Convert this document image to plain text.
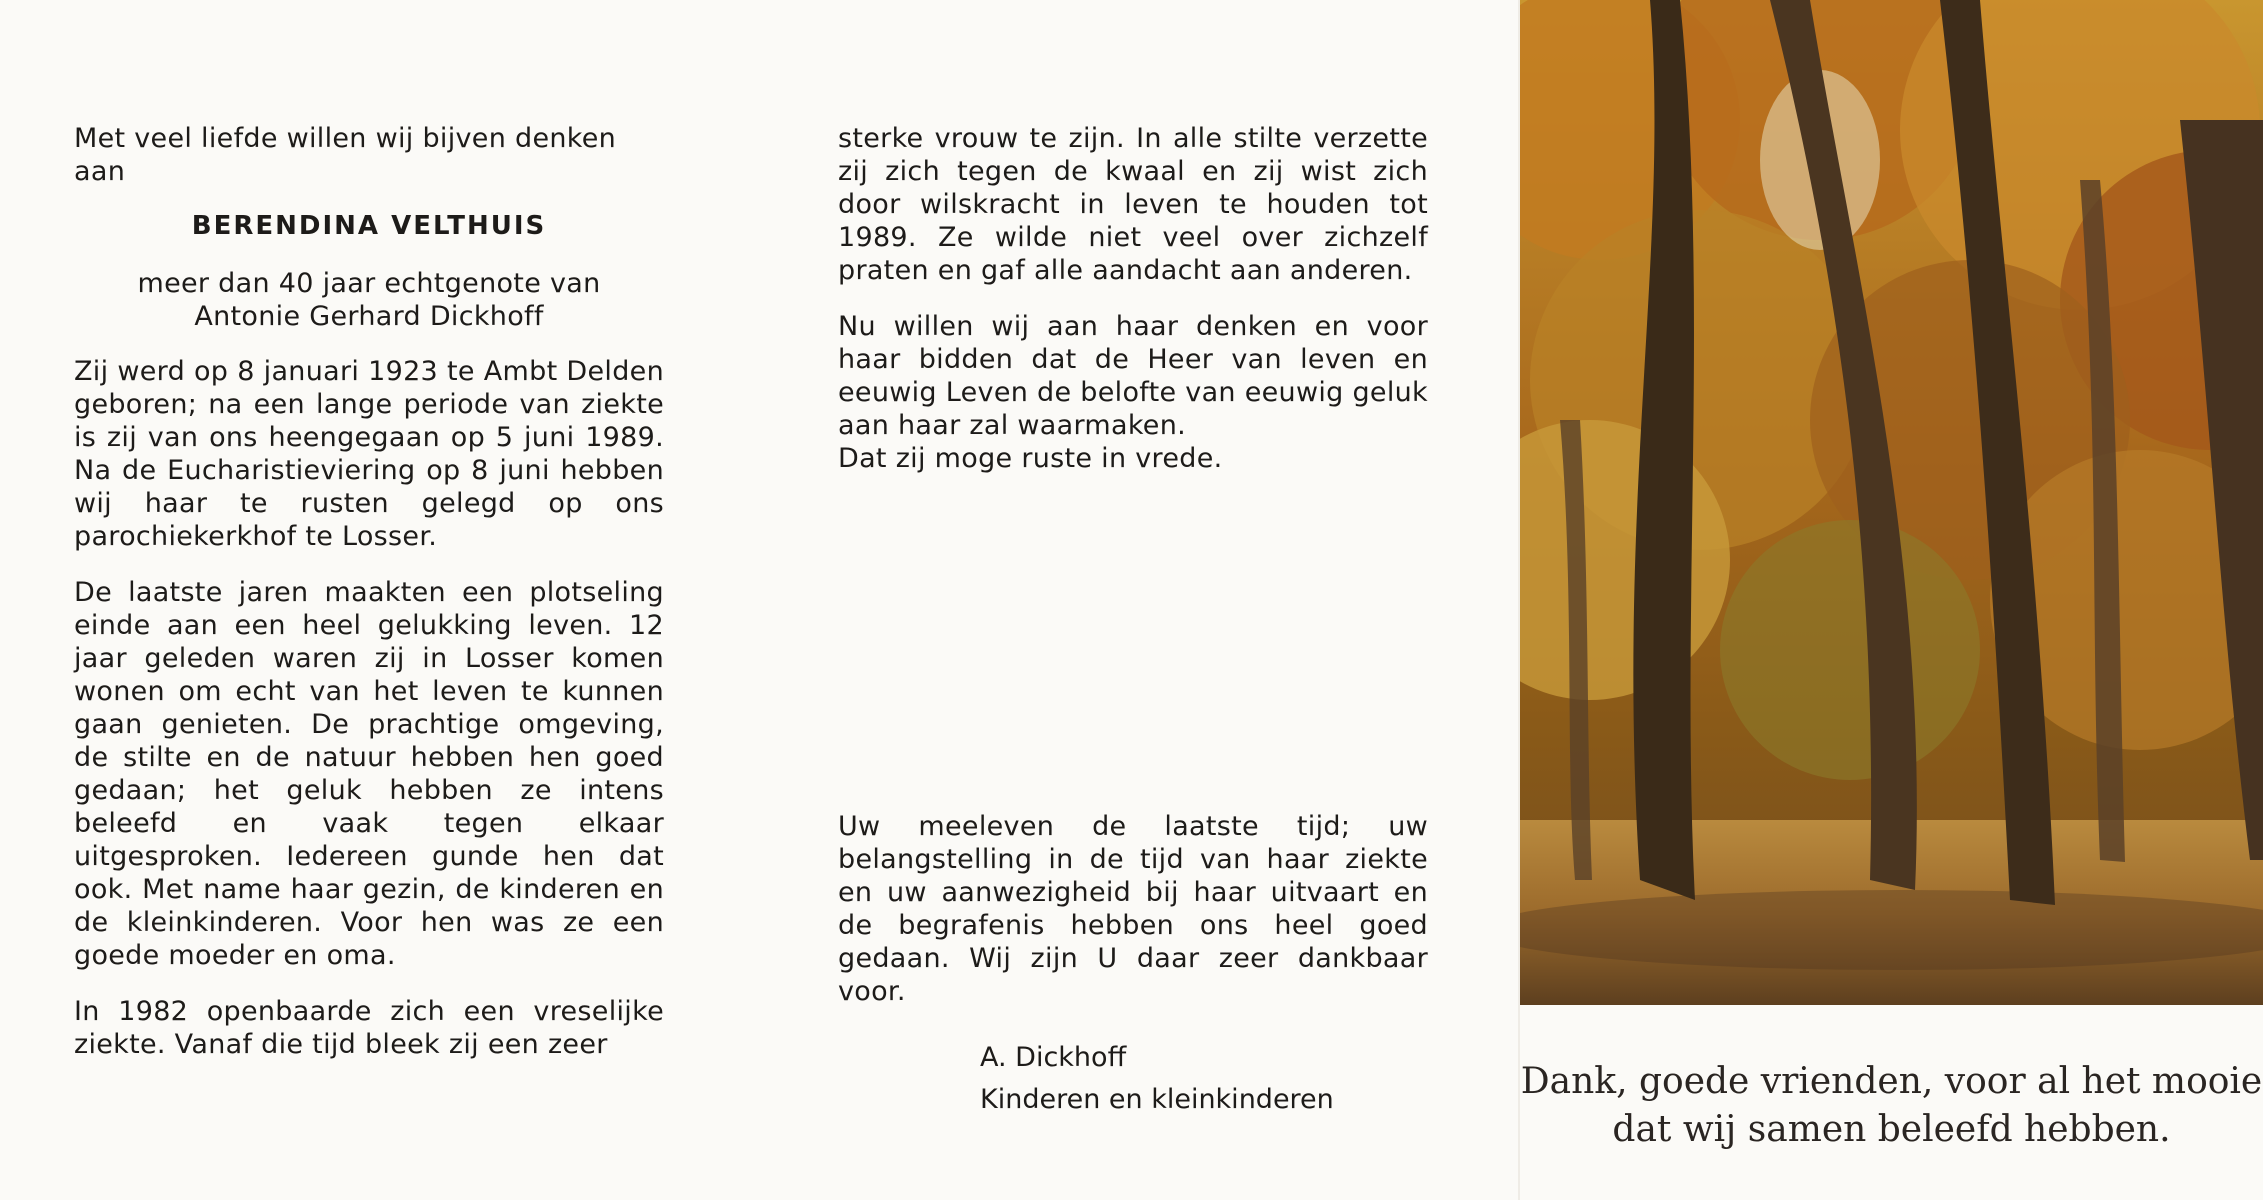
Met veel liefde willen wij bijven denken

aan

BERENDINA VELTHUIS

meer dan 40 jaar echtgenote van

Antonie Gerhard Dickhoff

Zij werd op 8 januari 1923 te Ambt Delden geboren; na een lange periode van ziekte is zij van ons heengegaan op 5 juni 1989. Na de Eucharistieviering op 8 juni hebben wij haar te rusten gelegd op ons parochiekerkhof te Losser.

De laatste jaren maakten een plotseling einde aan een heel gelukking leven. 12 jaar geleden waren zij in Losser komen wonen om echt van het leven te kunnen gaan genieten. De prachtige omgeving, de stilte en de natuur hebben hen goed gedaan; het geluk hebben ze intens beleefd en vaak tegen elkaar uitgesproken. Iedereen gunde hen dat ook. Met name haar gezin, de kinderen en de kleinkinderen. Voor hen was ze een goede moeder en oma.

In 1982 openbaarde zich een vreselijke ziekte. Vanaf die tijd bleek zij een zeer

sterke vrouw te zijn. In alle stilte verzette zij zich tegen de kwaal en zij wist zich door wilskracht in leven te houden tot 1989. Ze wilde niet veel over zichzelf praten en gaf alle aandacht aan anderen.

Nu willen wij aan haar denken en voor haar bidden dat de Heer van leven en eeuwig Leven de belofte van eeuwig geluk aan haar zal waarmaken.

Dat zij moge ruste in vrede.

Uw meeleven de laatste tijd; uw belangstelling in de tijd van haar ziekte en uw aanwezigheid bij haar uitvaart en de begrafenis hebben ons heel goed gedaan. Wij zijn U daar zeer dankbaar voor.
A. Dickhoff
Kinderen en kleinkinderen	Dank, goede vrienden, voor al het mooie
dat wij samen beleefd hebben.
